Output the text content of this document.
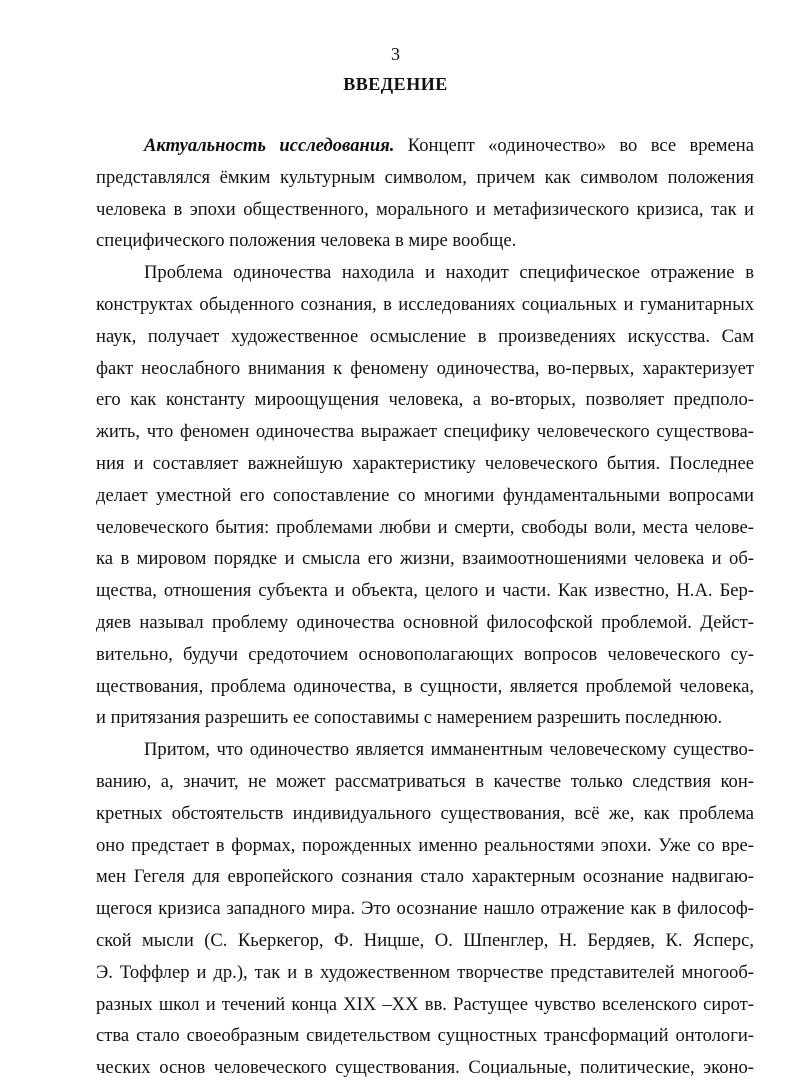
3
ВВЕДЕНИЕ
Актуальность исследования. Концепт «одиночество» во все времена
представлялся ёмким культурным символом, причем как символом положения
человека в эпохи общественного, морального и метафизического кризиса, так и
специфического положения человека в мире вообще.
Проблема одиночества находила и находит специфическое отражение в
конструктах обыденного сознания, в исследованиях социальных и гуманитарных
наук, получает художественное осмысление в произведениях искусства. Сам
факт неослабного внимания к феномену одиночества, во-первых, характеризует
его как константу мироощущения человека, а во-вторых, позволяет предполо-
жить, что феномен одиночества выражает специфику человеческого существова-
ния и составляет важнейшую характеристику человеческого бытия. Последнее
делает уместной его сопоставление со многими фундаментальными вопросами
человеческого бытия: проблемами любви и смерти, свободы воли, места челове-
ка в мировом порядке и смысла его жизни, взаимоотношениями человека и об-
щества, отношения субъекта и объекта, целого и части. Как известно, Н.А. Бер-
дяев называл проблему одиночества основной философской проблемой. Дейст-
вительно, будучи средоточием основополагающих вопросов человеческого су-
ществования, проблема одиночества, в сущности, является проблемой человека,
и притязания разрешить ее сопоставимы с намерением разрешить последнюю.
Притом, что одиночество является имманентным человеческому существо-
ванию, а, значит, не может рассматриваться в качестве только следствия кон-
кретных обстоятельств индивидуального существования, всё же, как проблема
оно предстает в формах, порожденных именно реальностями эпохи. Уже со вре-
мен Гегеля для европейского сознания стало характерным осознание надвигаю-
щегося кризиса западного мира. Это осознание нашло отражение как в философ-
ской мысли (С. Кьеркегор, Ф. Ницше, О. Шпенглер, Н. Бердяев, К. Ясперс,
Э. Тоффлер и др.), так и в художественном творчестве представителей многооб-
разных школ и течений конца XIX –XX вв. Растущее чувство вселенского сирот-
ства стало своеобразным свидетельством сущностных трансформаций онтологи-
ческих основ человеческого существования. Социальные, политические, эконо-
